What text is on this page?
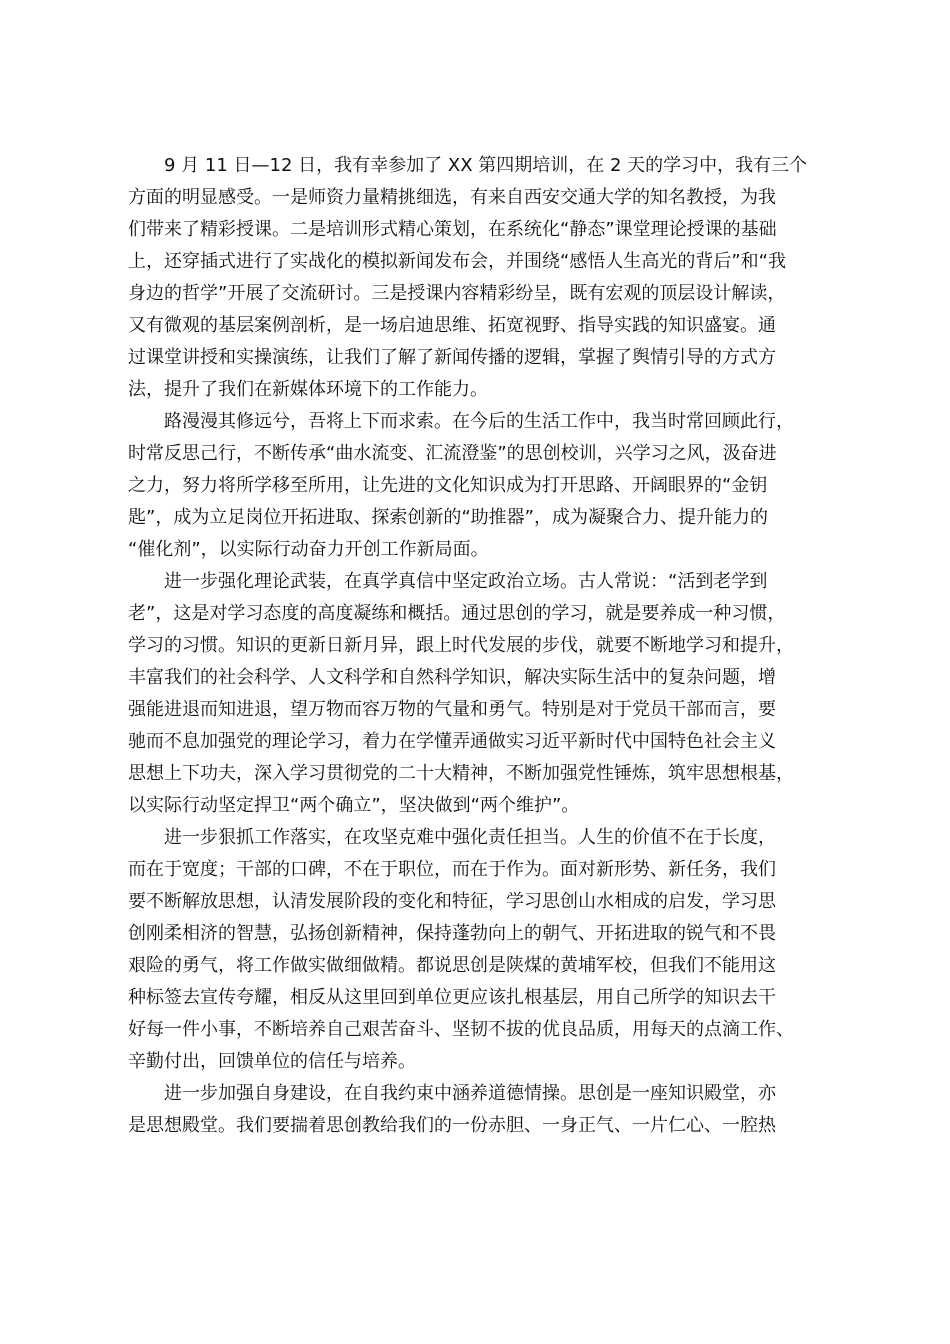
9 月 11 日—12 日，我有幸参加了 XX 第四期培训，在 2 天的学习中，我有三个
方面的明显感受。一是师资力量精挑细选，有来自西安交通大学的知名教授，为我
们带来了精彩授课。二是培训形式精心策划，在系统化“静态”课堂理论授课的基础
上，还穿插式进行了实战化的模拟新闻发布会，并围绕“感悟人生高光的背后”和“我
身边的哲学”开展了交流研讨。三是授课内容精彩纷呈，既有宏观的顶层设计解读，
又有微观的基层案例剖析，是一场启迪思维、拓宽视野、指导实践的知识盛宴。通
过课堂讲授和实操演练，让我们了解了新闻传播的逻辑，掌握了舆情引导的方式方
法，提升了我们在新媒体环境下的工作能力。
路漫漫其修远兮，吾将上下而求索。在今后的生活工作中，我当时常回顾此行，
时常反思己行，不断传承“曲水流变、汇流澄鉴”的思创校训，兴学习之风，汲奋进
之力，努力将所学移至所用，让先进的文化知识成为打开思路、开阔眼界的“金钥
匙”，成为立足岗位开拓进取、探索创新的“助推器”，成为凝聚合力、提升能力的
“催化剂”，以实际行动奋力开创工作新局面。
进一步强化理论武装，在真学真信中坚定政治立场。古人常说：“活到老学到
老”，这是对学习态度的高度凝练和概括。通过思创的学习，就是要养成一种习惯，
学习的习惯。知识的更新日新月异，跟上时代发展的步伐，就要不断地学习和提升，
丰富我们的社会科学、人文科学和自然科学知识，解决实际生活中的复杂问题，增
强能进退而知进退，望万物而容万物的气量和勇气。特别是对于党员干部而言，要
驰而不息加强党的理论学习，着力在学懂弄通做实习近平新时代中国特色社会主义
思想上下功夫，深入学习贯彻党的二十大精神，不断加强党性锤炼，筑牢思想根基，
以实际行动坚定捍卫“两个确立”，坚决做到“两个维护”。
进一步狠抓工作落实，在攻坚克难中强化责任担当。人生的价值不在于长度，
而在于宽度；干部的口碑，不在于职位，而在于作为。面对新形势、新任务，我们
要不断解放思想，认清发展阶段的变化和特征，学习思创山水相成的启发，学习思
创刚柔相济的智慧，弘扬创新精神，保持蓬勃向上的朝气、开拓进取的锐气和不畏
艰险的勇气，将工作做实做细做精。都说思创是陕煤的黄埔军校，但我们不能用这
种标签去宣传夸耀，相反从这里回到单位更应该扎根基层，用自己所学的知识去干
好每一件小事，不断培养自己艰苦奋斗、坚韧不拔的优良品质，用每天的点滴工作、
辛勤付出，回馈单位的信任与培养。
进一步加强自身建设，在自我约束中涵养道德情操。思创是一座知识殿堂，亦
是思想殿堂。我们要揣着思创教给我们的一份赤胆、一身正气、一片仁心、一腔热
